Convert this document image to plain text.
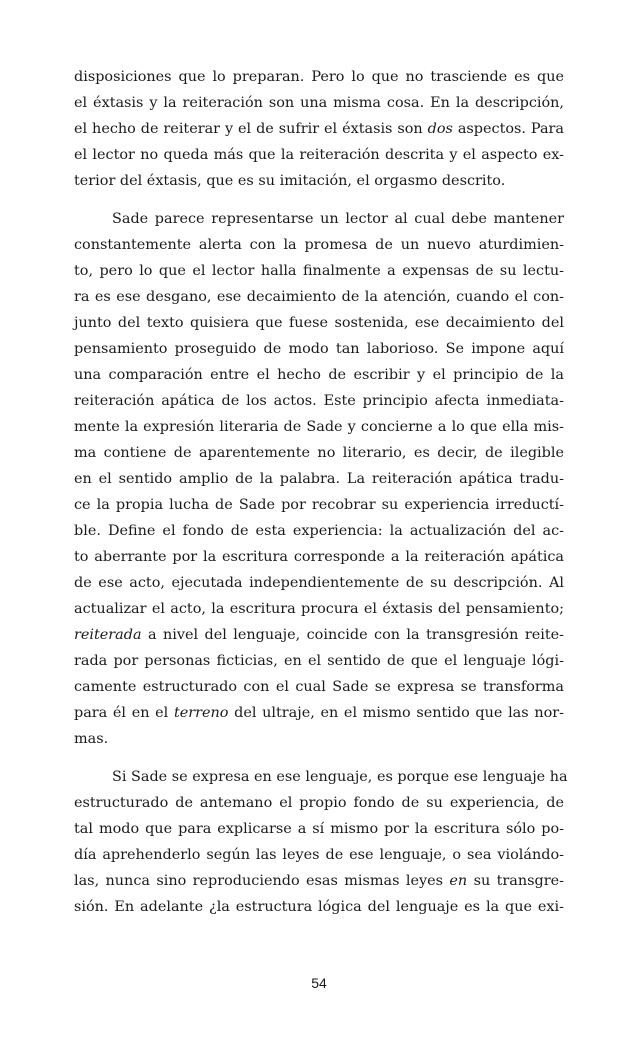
disposiciones que lo preparan. Pero lo que no trasciende es que
el éxtasis y la reiteración son una misma cosa. En la descripción,
el hecho de reiterar y el de sufrir el éxtasis son dos aspectos. Para
el lector no queda más que la reiteración descrita y el aspecto ex-
terior del éxtasis, que es su imitación, el orgasmo descrito.

Sade parece representarse un lector al cual debe mantener
constantemente alerta con la promesa de un nuevo aturdimien-
to, pero lo que el lector halla finalmente a expensas de su lectu-
ra es ese desgano, ese decaimiento de la atención, cuando el con-
junto del texto quisiera que fuese sostenida, ese decaimiento del
pensamiento proseguido de modo tan laborioso. Se impone aquí
una comparación entre el hecho de escribir y el principio de la
reiteración apática de los actos. Este principio afecta inmediata-
mente la expresión literaria de Sade y concierne a lo que ella mis-
ma contiene de aparentemente no literario, es decir, de ilegible
en el sentido amplio de la palabra. La reiteración apática tradu-
ce la propia lucha de Sade por recobrar su experiencia irreductí-
ble. Define el fondo de esta experiencia: la actualización del ac-
to aberrante por la escritura corresponde a la reiteración apática
de ese acto, ejecutada independientemente de su descripción. Al
actualizar el acto, la escritura procura el éxtasis del pensamiento;
reiterada a nivel del lenguaje, coincide con la transgresión reite-
rada por personas ficticias, en el sentido de que el lenguaje lógi-
camente estructurado con el cual Sade se expresa se transforma
para él en el terreno del ultraje, en el mismo sentido que las nor-
mas.

Si Sade se expresa en ese lenguaje, es porque ese lenguaje ha
estructurado de antemano el propio fondo de su experiencia, de
tal modo que para explicarse a sí mismo por la escritura sólo po-
día aprehenderlo según las leyes de ese lenguaje, o sea violándo-
las, nunca sino reproduciendo esas mismas leyes en su transgre-
sión. En adelante ¿la estructura lógica del lenguaje es la que exi-

54
